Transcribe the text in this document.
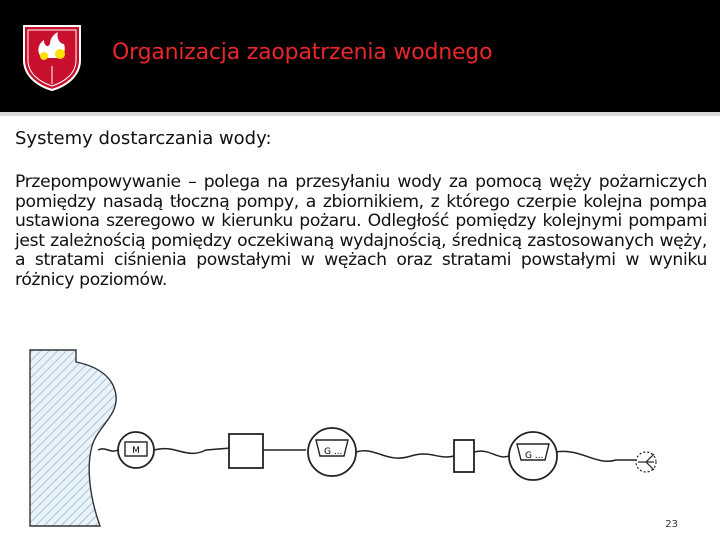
Organizacja zaopatrzenia wodnego
Systemy dostarczania wody:
Przepompowywanie – polega na przesyłaniu wody za pomocą węży pożarniczych pomiędzy nasadą tłoczną pompy, a zbiornikiem, z którego czerpie kolejna pompa ustawiona szeregowo w kierunku pożaru. Odległość pomiędzy kolejnymi pompami jest zależnością pomiędzy oczekiwaną wydajnością, średnicą zastosowanych węży, a stratami ciśnienia powstałymi w wężach oraz stratami powstałymi w wyniku różnicy poziomów.
M	G ...	G ...
23
